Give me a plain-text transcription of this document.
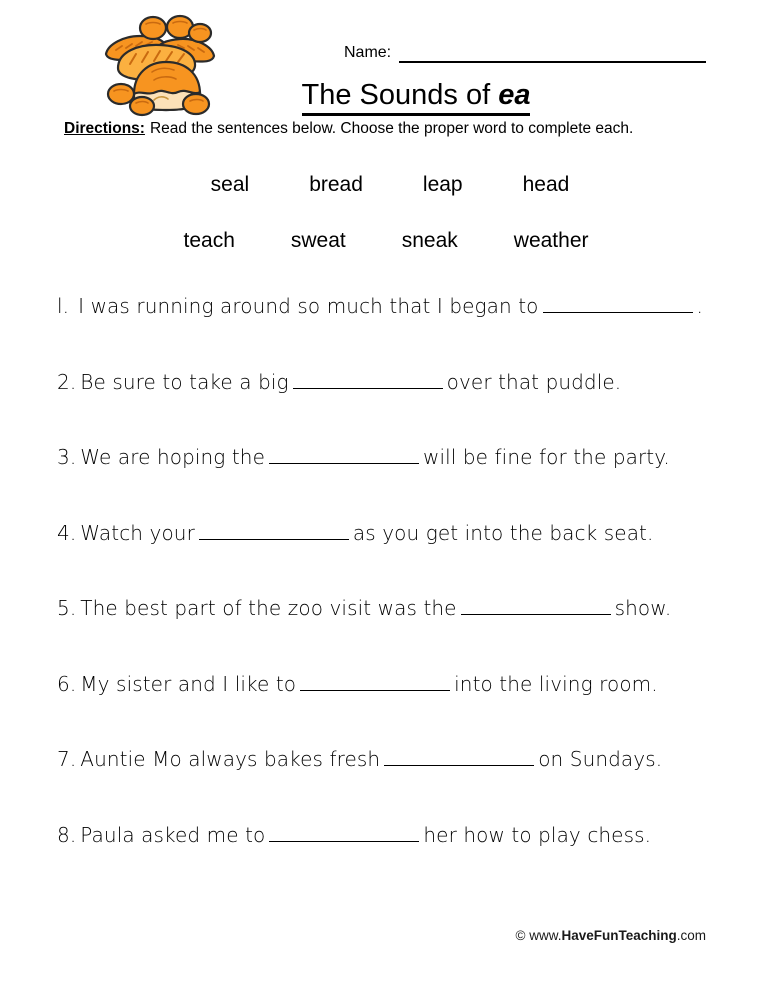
Name:
The Sounds of ea
Directions: Read the sentences below. Choose the proper word to complete each.
seal	bread	leap	head
teach	sweat	sneak	weather
l. I was running around so much that I began to	.
2. Be sure to take a big	over that puddle.
3. We are hoping the	will be fine for the party.
4. Watch your	as you get into the back seat.
5. The best part of the zoo visit was the	show.
6. My sister and I like to	into the living room.
7. Auntie Mo always bakes fresh	on Sundays.
8. Paula asked me to	her how to play chess.
© www.HaveFunTeaching.com
